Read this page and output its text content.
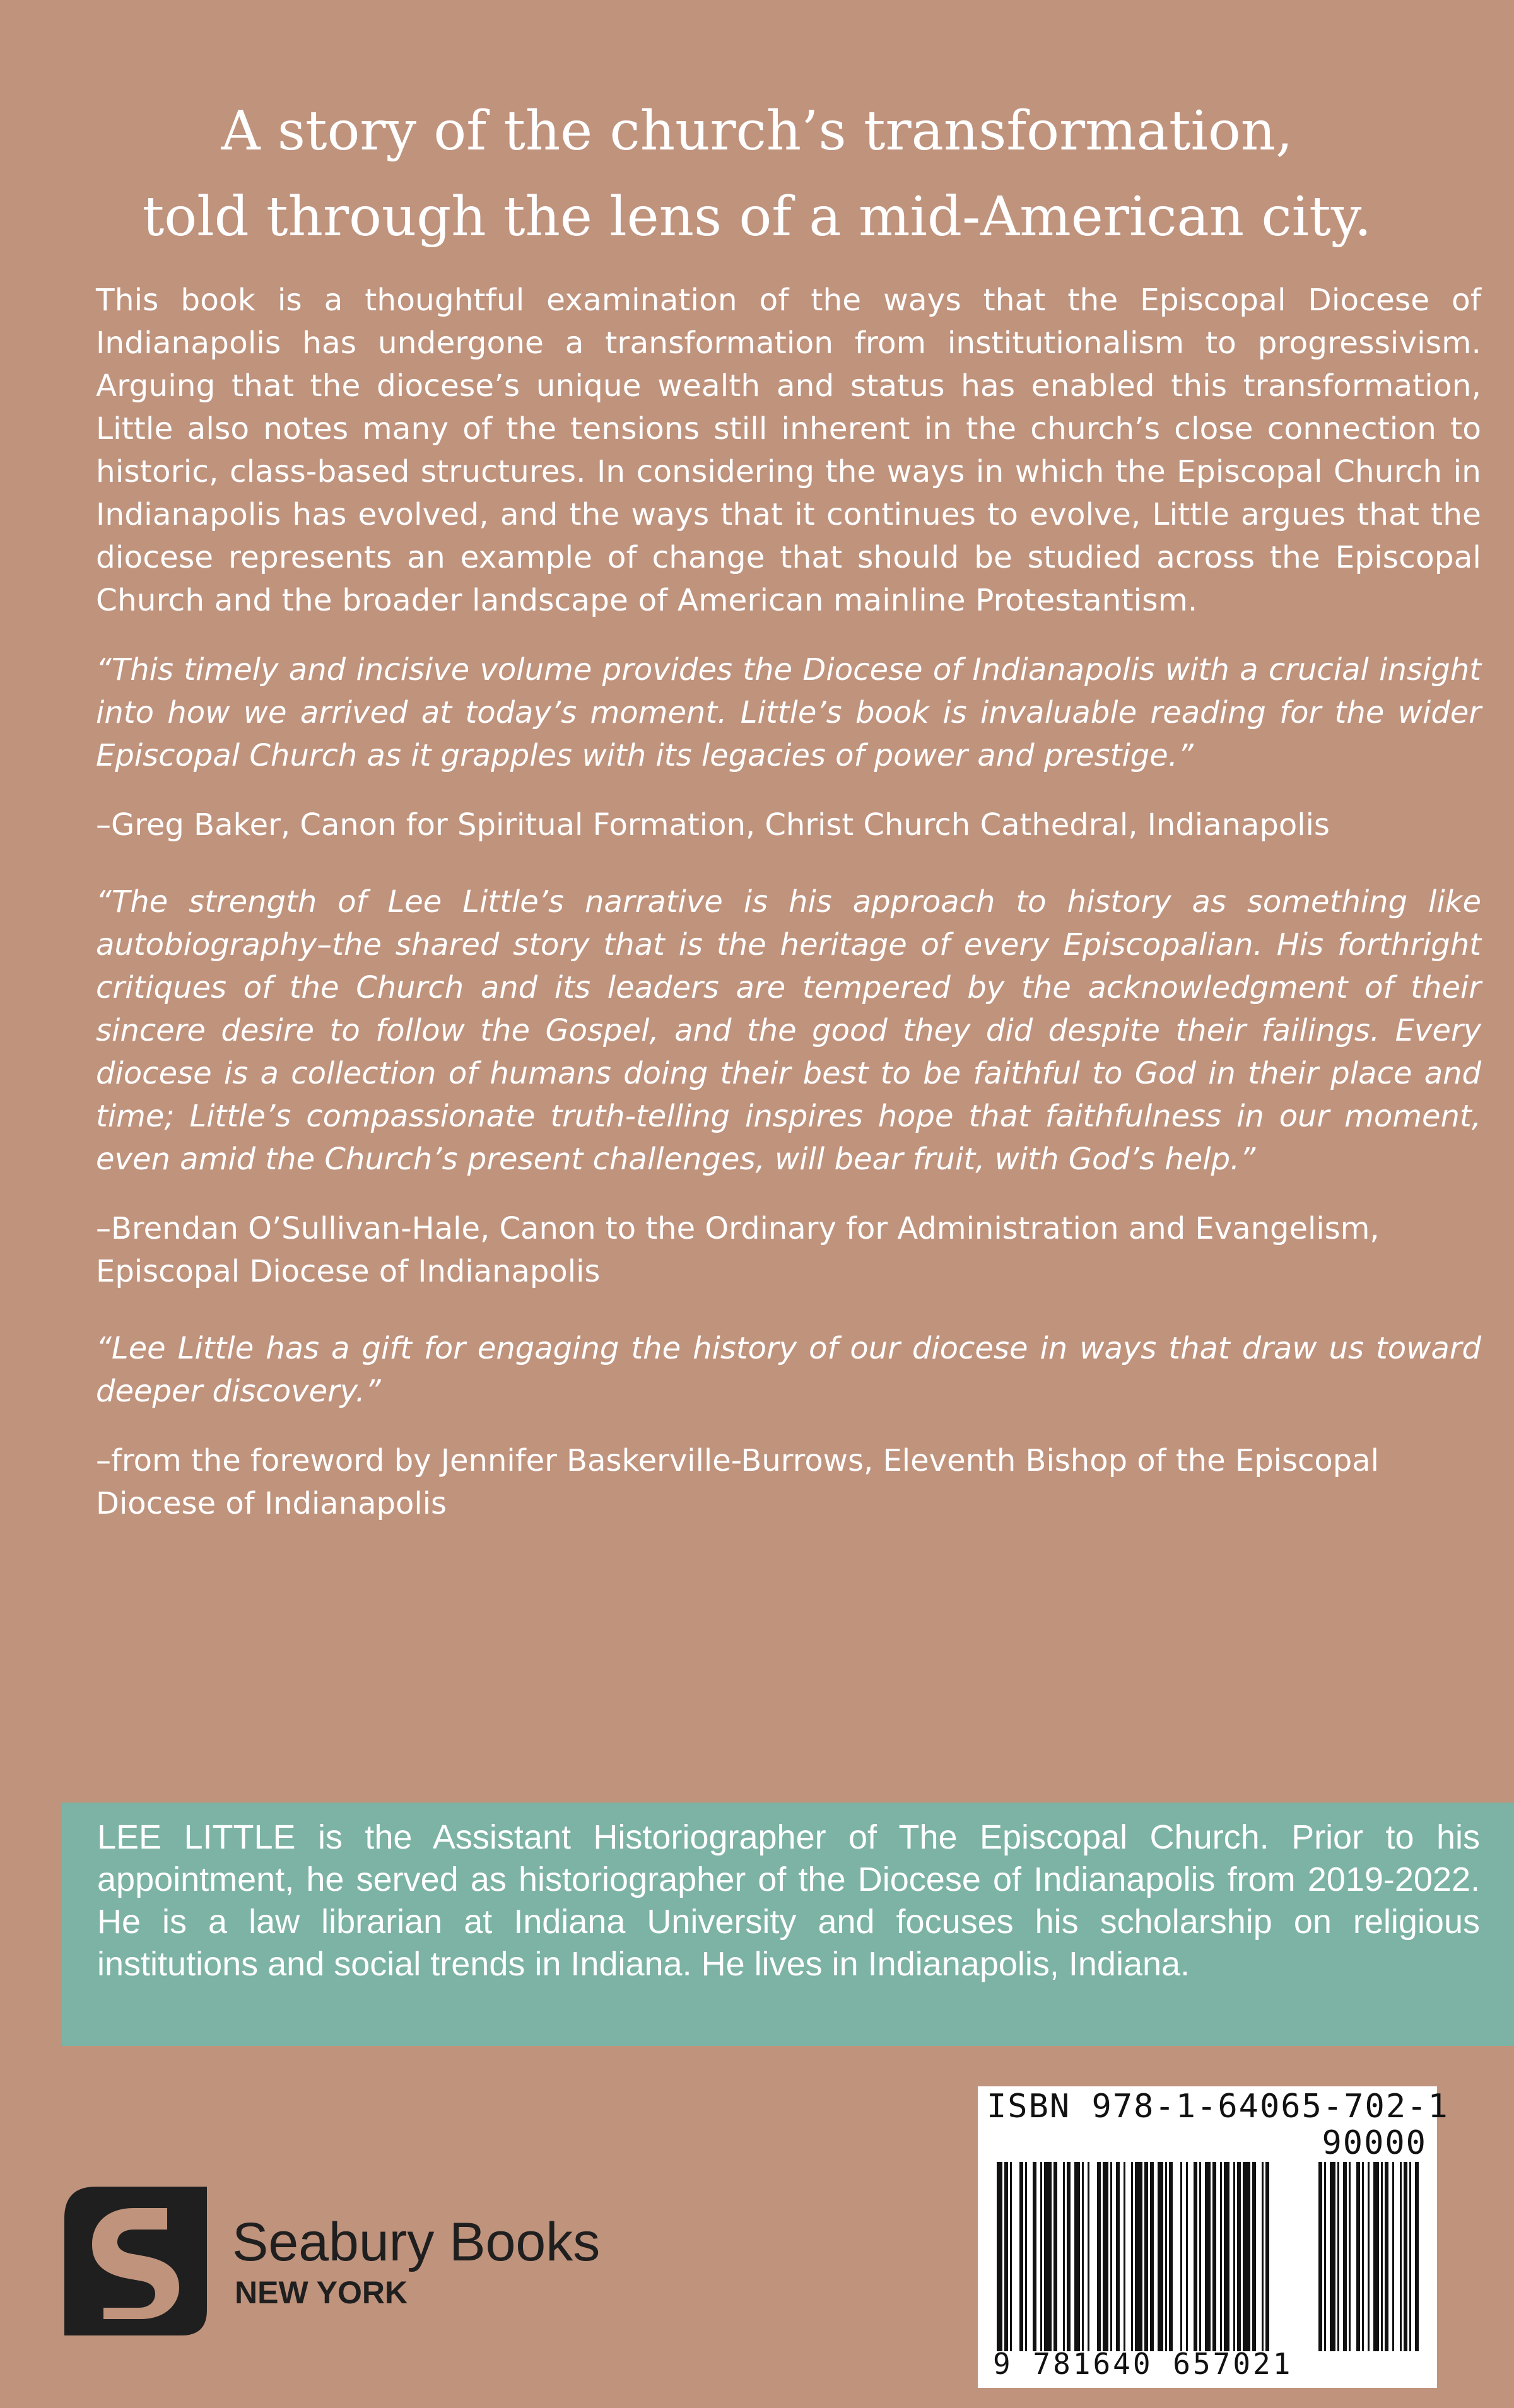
A story of the church’s transformation,
told through the lens of a mid-American city.

This book is a thoughtful examination of the ways that the Episcopal Diocese of Indianapolis has undergone a transformation from institutionalism to progressivism. Arguing that the diocese’s unique wealth and status has enabled this transformation, Little also notes many of the tensions still inherent in the church’s close connection to historic, class-based structures. In considering the ways in which the Episcopal Church in Indianapolis has evolved, and the ways that it continues to evolve, Little argues that the diocese represents an example of change that should be studied across the Episcopal Church and the broader landscape of American mainline Protestantism.

“This timely and incisive volume provides the Diocese of Indianapolis with a crucial insight into how we arrived at today’s moment. Little’s book is invaluable reading for the wider Episcopal Church as it grapples with its legacies of power and prestige.”

–Greg Baker, Canon for Spiritual Formation, Christ Church Cathedral, Indianapolis

“The strength of Lee Little’s narrative is his approach to history as something like autobiography–the shared story that is the heritage of every Episcopalian. His forthright critiques of the Church and its leaders are tempered by the acknowledgment of their sincere desire to follow the Gospel, and the good they did despite their failings. Every diocese is a collection of humans doing their best to be faithful to God in their place and time; Little’s compassionate truth-telling inspires hope that faithfulness in our moment, even amid the Church’s present challenges, will bear fruit, with God’s help.”

–Brendan O’Sullivan-Hale, Canon to the Ordinary for Administration and Evangelism, Episcopal Diocese of Indianapolis

“Lee Little has a gift for engaging the history of our diocese in ways that draw us toward deeper discovery.”

–from the foreword by Jennifer Baskerville-Burrows, Eleventh Bishop of the Episcopal Diocese of Indianapolis

LEE LITTLE is the Assistant Historiographer of The Episcopal Church. Prior to his appointment, he served as historiographer of the Diocese of Indianapolis from 2019-2022. He is a law librarian at Indiana University and focuses his scholarship on religious institutions and social trends in Indiana. He lives in Indianapolis, Indiana.

Seabury Books
NEW YORK
ISBN 978-1-64065-702-1
90000
9 781640 657021
